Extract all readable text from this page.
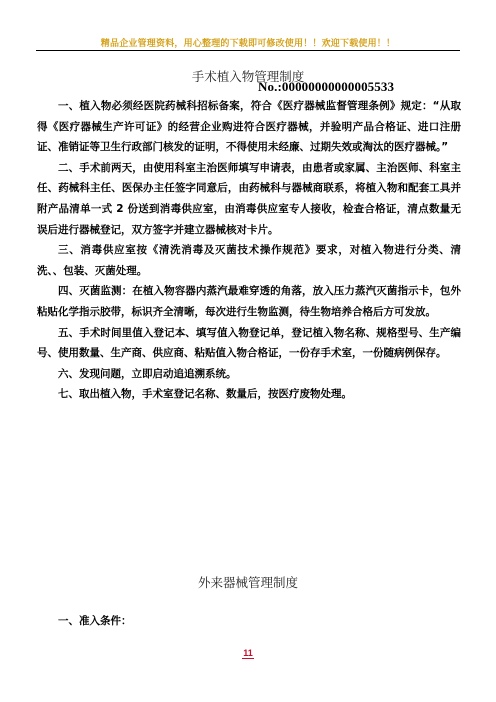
精品企业管理资料，用心整理的下载即可修改使用！！欢迎下载使用！！
手术植入物管理制度
No.:00000000000005533

一、植入物必须经医院药械科招标备案，符合《医疗器械监督管理条例》规定：“从取得《医疗器械生产许可证》的经营企业购进符合医疗器械，并验明产品合格证、进口注册证、准销证等卫生行政部门核发的证明，不得使用未经廉、过期失效或淘汰的医疗器械。”

二、手术前两天，由使用科室主治医师填写申请表，由患者或家属、主治医师、科室主任、药械科主任、医保办主任签字同意后，由药械科与器械商联系，将植入物和配套工具并附产品清单一式 2 份送到消毒供应室，由消毒供应室专人接收，检查合格证，清点数量无误后进行器械登记，双方签字并建立器械核对卡片。

三、消毒供应室按《清洗消毒及灭菌技术操作规范》要求，对植入物进行分类、清洗、、包装、灭菌处理。

四、灭菌监测：在植入物容器内蒸汽最难穿透的角落，放入压力蒸汽灭菌指示卡，包外粘贴化学指示胶带，标识齐全清晰，每次进行生物监测，待生物培养合格后方可发放。

五、手术时间里值入登记本、填写值入物登记单，登记植入物名称、规格型号、生产编号、使用数量、生产商、供应商、粘贴值入物合格证，一份存手术室，一份随病例保存。

六、发现问题，立即启动追追溯系统。

七、取出植入物，手术室登记名称、数量后，按医疗废物处理。

外来器械管理制度
一、准入条件：
11
